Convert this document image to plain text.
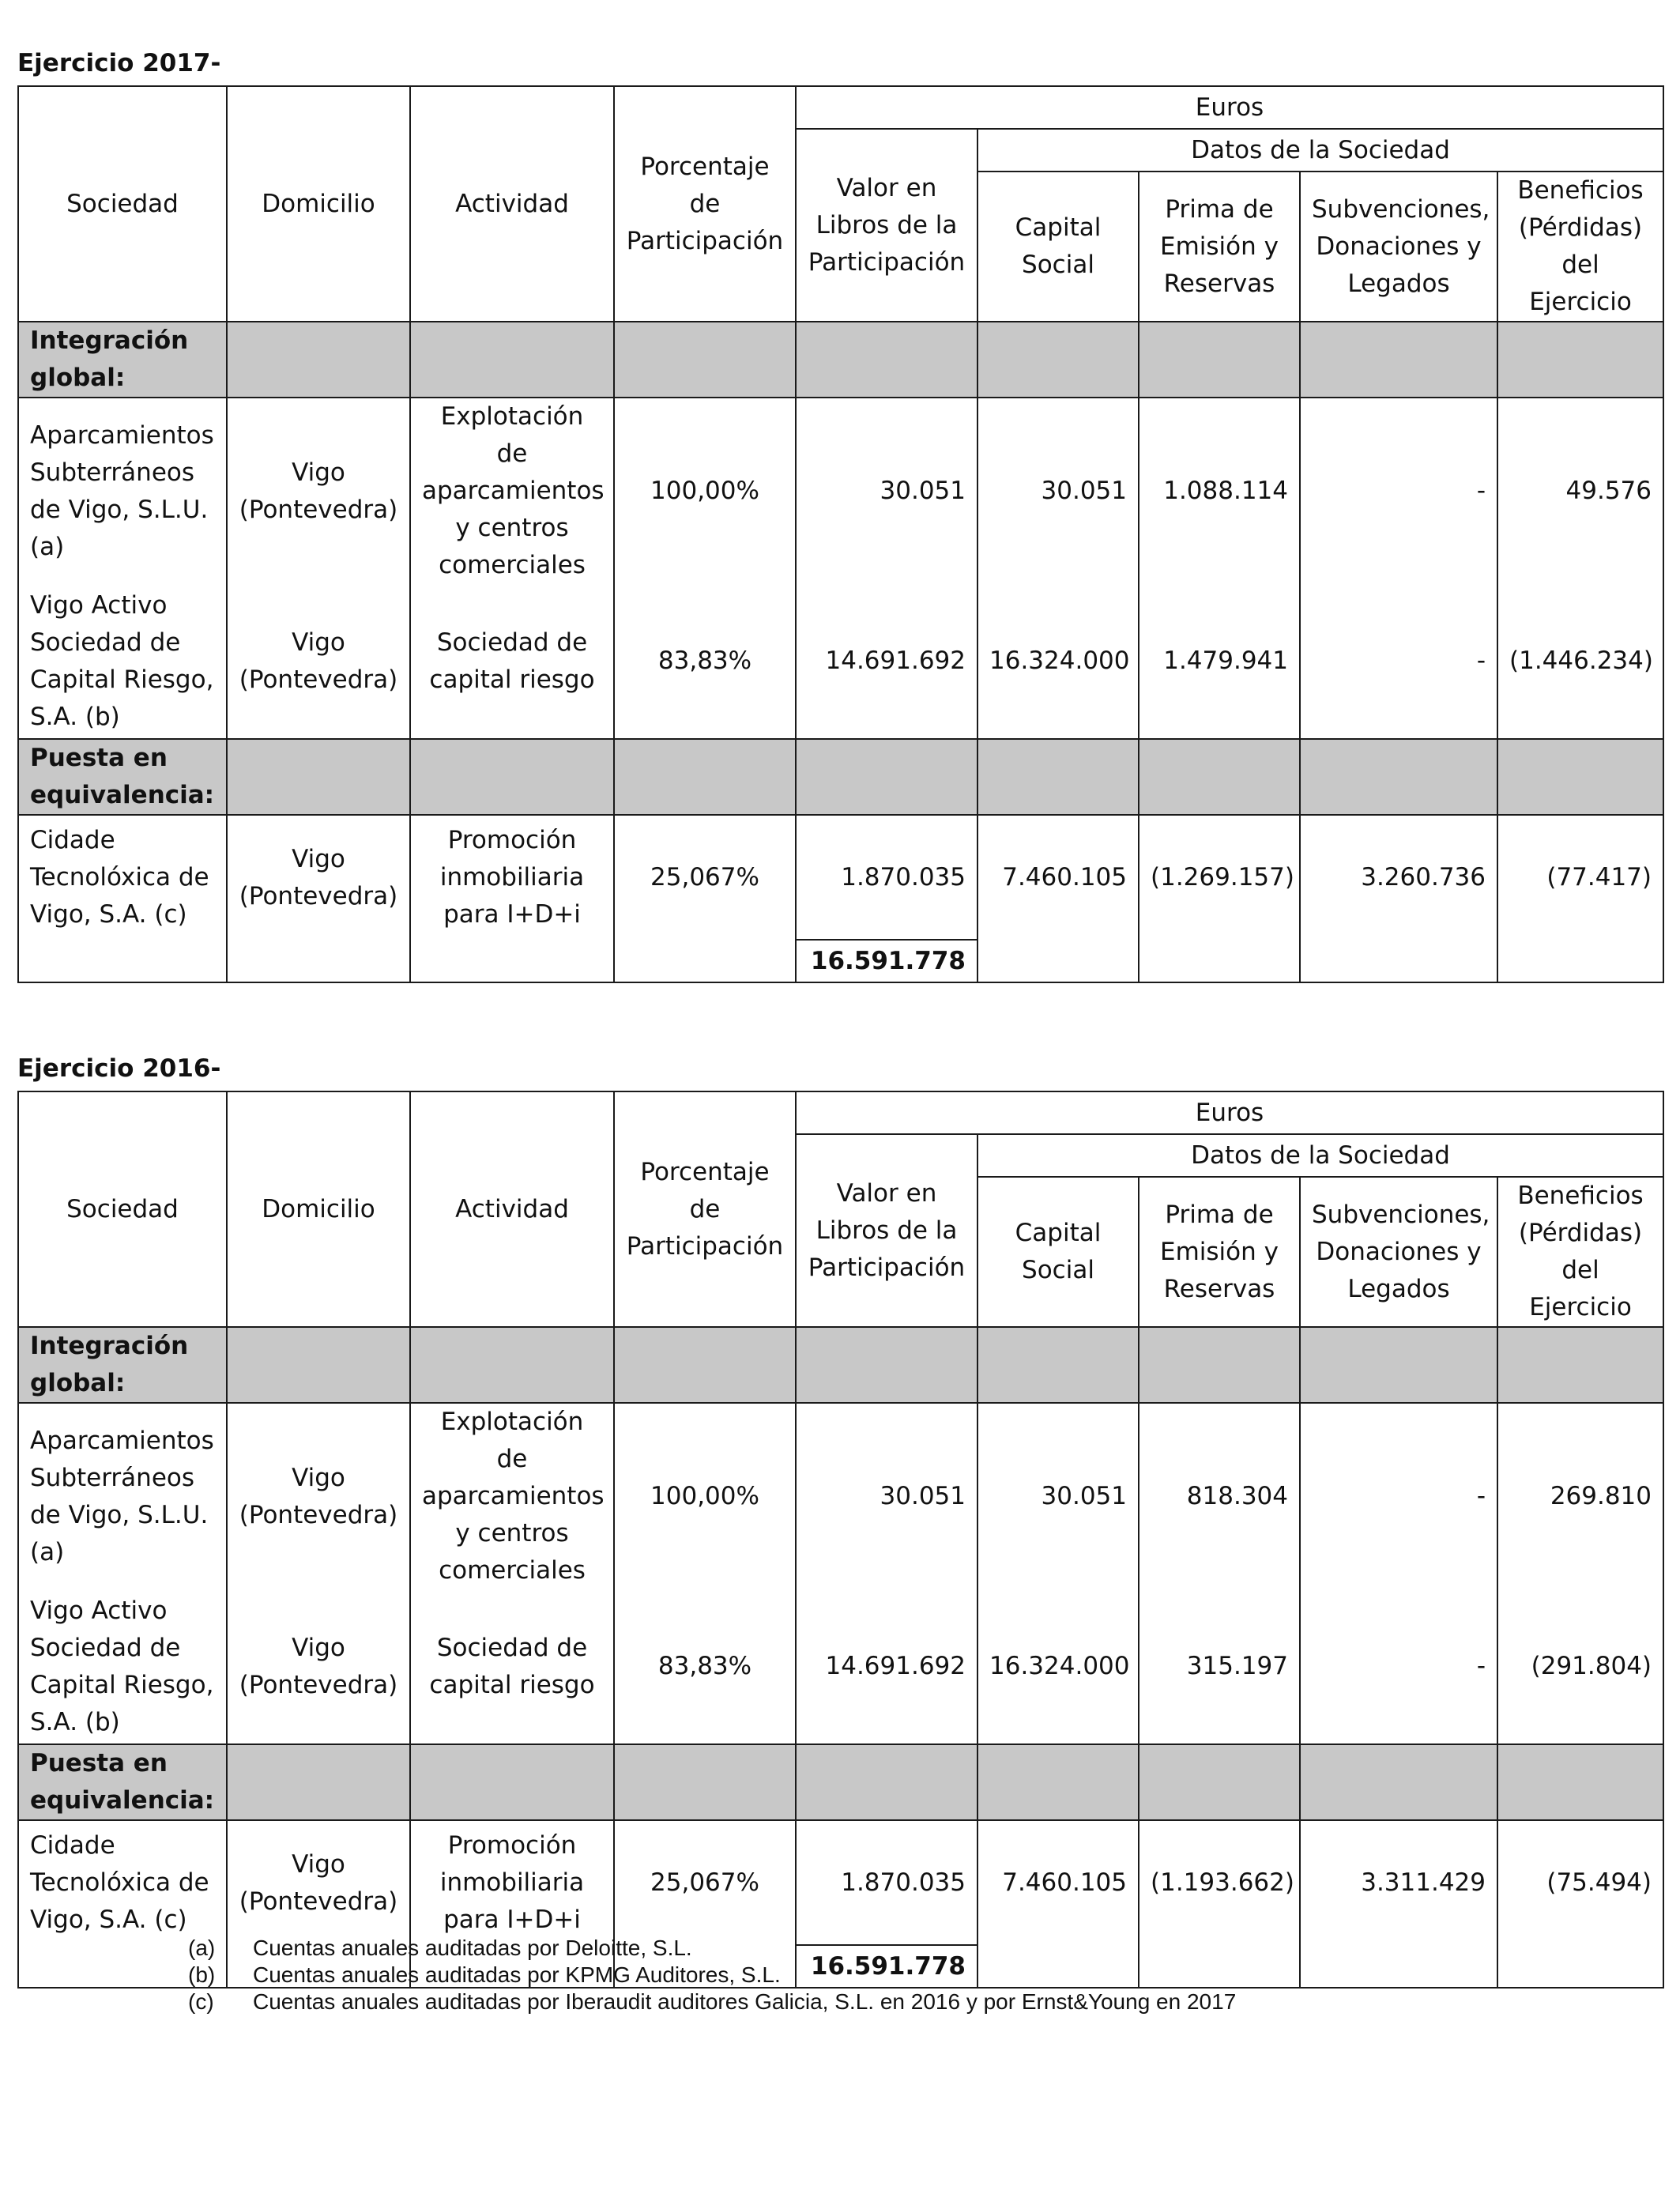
Ejercicio 2017-
Ejercicio 2016-
Sociedad	Domicilio	Actividad	Porcentaje de Participación	Euros				
				Valor en Libros de la Participación	Datos de la Sociedad			
					Capital Social	Prima de Emisión y Reservas	Subvenciones, Donaciones y Legados	Beneficios (Pérdidas) del Ejercicio
Integración global:								
Aparcamientos Subterráneos de Vigo, S.L.U. (a)	Vigo (Pontevedra)	Explotación de aparcamientos y centros comerciales	100,00%	30.051	30.051	1.088.114	-	49.576
Vigo Activo Sociedad de Capital Riesgo, S.A. (b)	Vigo (Pontevedra)	Sociedad de capital riesgo	83,83%	14.691.692	16.324.000	1.479.941	-	(1.446.234)
Puesta en equivalencia:								
Cidade Tecnolóxica de Vigo, S.A. (c)	Vigo (Pontevedra)	Promoción inmobiliaria para I+D+i	25,067%	1.870.035	7.460.105	(1.269.157)	3.260.736	(77.417)
				16.591.778				
Sociedad	Domicilio	Actividad	Porcentaje de Participación	Euros				
				Valor en Libros de la Participación	Datos de la Sociedad			
					Capital Social	Prima de Emisión y Reservas	Subvenciones, Donaciones y Legados	Beneficios (Pérdidas) del Ejercicio
Integración global:								
Aparcamientos Subterráneos de Vigo, S.L.U. (a)	Vigo (Pontevedra)	Explotación de aparcamientos y centros comerciales	100,00%	30.051	30.051	818.304	-	269.810
Vigo Activo Sociedad de Capital Riesgo, S.A. (b)	Vigo (Pontevedra)	Sociedad de capital riesgo	83,83%	14.691.692	16.324.000	315.197	-	(291.804)
Puesta en equivalencia:								
Cidade Tecnolóxica de Vigo, S.A. (c)	Vigo (Pontevedra)	Promoción inmobiliaria para I+D+i	25,067%	1.870.035	7.460.105	(1.193.662)	3.311.429	(75.494)
				16.591.778				
(a)	Cuentas anuales auditadas por Deloitte, S.L.
(b)	Cuentas anuales auditadas por KPMG Auditores, S.L.
(c)	Cuentas anuales auditadas por Iberaudit auditores Galicia, S.L. en 2016 y por Ernst&Young en 2017
